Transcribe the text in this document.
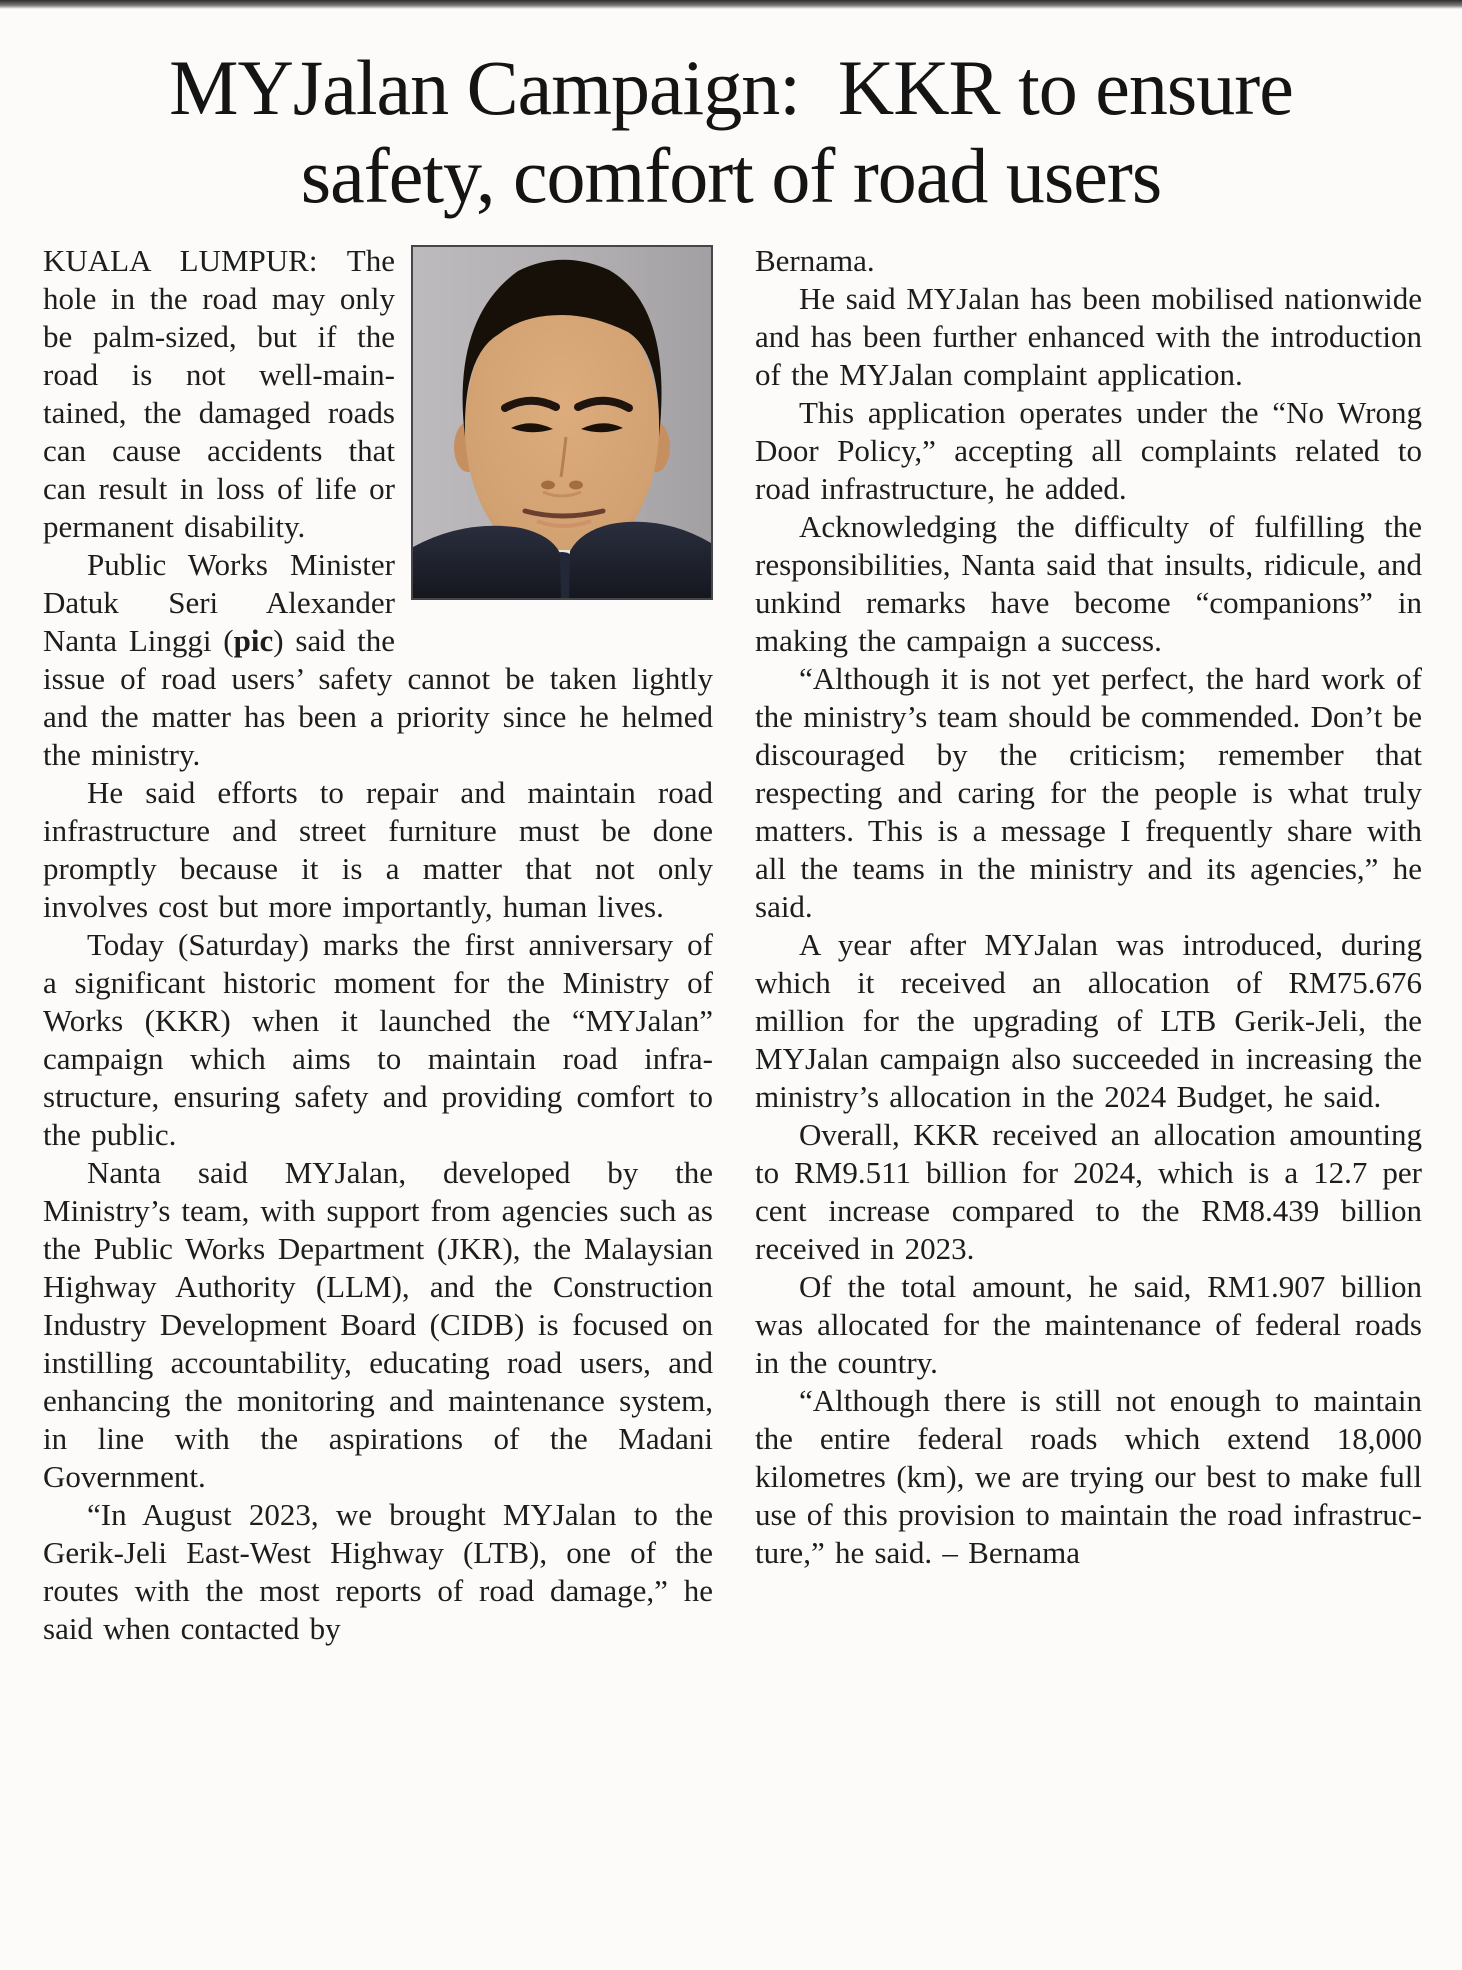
MYJalan Campaign: KKR to ensure
safety, comfort of road users

KUALA LUMPUR: The hole in the road may only be palm-sized, but if the road is not well-maintained, the damaged roads can cause accidents that can result in loss of life or permanent disability.

Public Works Minister Datuk Seri Alexander Nanta Linggi (pic) said the issue of road users’ safety cannot be taken lightly and the matter has been a priority since he helmed the ministry.

He said efforts to repair and maintain road infrastructure and street furniture must be done promptly because it is a matter that not only involves cost but more importantly, human lives.

Today (Saturday) marks the first anniversary of a significant historic moment for the Ministry of Works (KKR) when it launched the “MYJalan” campaign which aims to maintain road infrastructure, ensuring safety and providing comfort to the public.

Nanta said MYJalan, developed by the Ministry’s team, with support from agencies such as the Public Works Department (JKR), the Malaysian Highway Authority (LLM), and the Construction Industry Development Board (CIDB) is focused on instilling accountability, educating road users, and enhancing the monitoring and maintenance system, in line with the aspirations of the Madani Government.

“In August 2023, we brought MYJalan to the Gerik-Jeli East-West Highway (LTB), one of the routes with the most reports of road damage,” he said when contacted by

Bernama.

He said MYJalan has been mobilised nationwide and has been further enhanced with the introduction of the MYJalan complaint application.

This application operates under the “No Wrong Door Policy,” accepting all complaints related to road infrastructure, he added.

Acknowledging the difficulty of fulfilling the responsibilities, Nanta said that insults, ridicule, and unkind remarks have become “companions” in making the campaign a success.

“Although it is not yet perfect, the hard work of the ministry’s team should be commended. Don’t be discouraged by the criticism; remember that respecting and caring for the people is what truly matters. This is a message I frequently share with all the teams in the ministry and its agencies,” he said.

A year after MYJalan was introduced, during which it received an allocation of RM75.676 million for the upgrading of LTB Gerik-Jeli, the MYJalan campaign also succeeded in increasing the ministry’s allocation in the 2024 Budget, he said.

Overall, KKR received an allocation amounting to RM9.511 billion for 2024, which is a 12.7 per cent increase compared to the RM8.439 billion received in 2023.

Of the total amount, he said, RM1.907 billion was allocated for the maintenance of federal roads in the country.

“Although there is still not enough to maintain the entire federal roads which extend 18,000 kilometres (km), we are trying our best to make full use of this provision to maintain the road infrastructure,” he said. – Bernama
